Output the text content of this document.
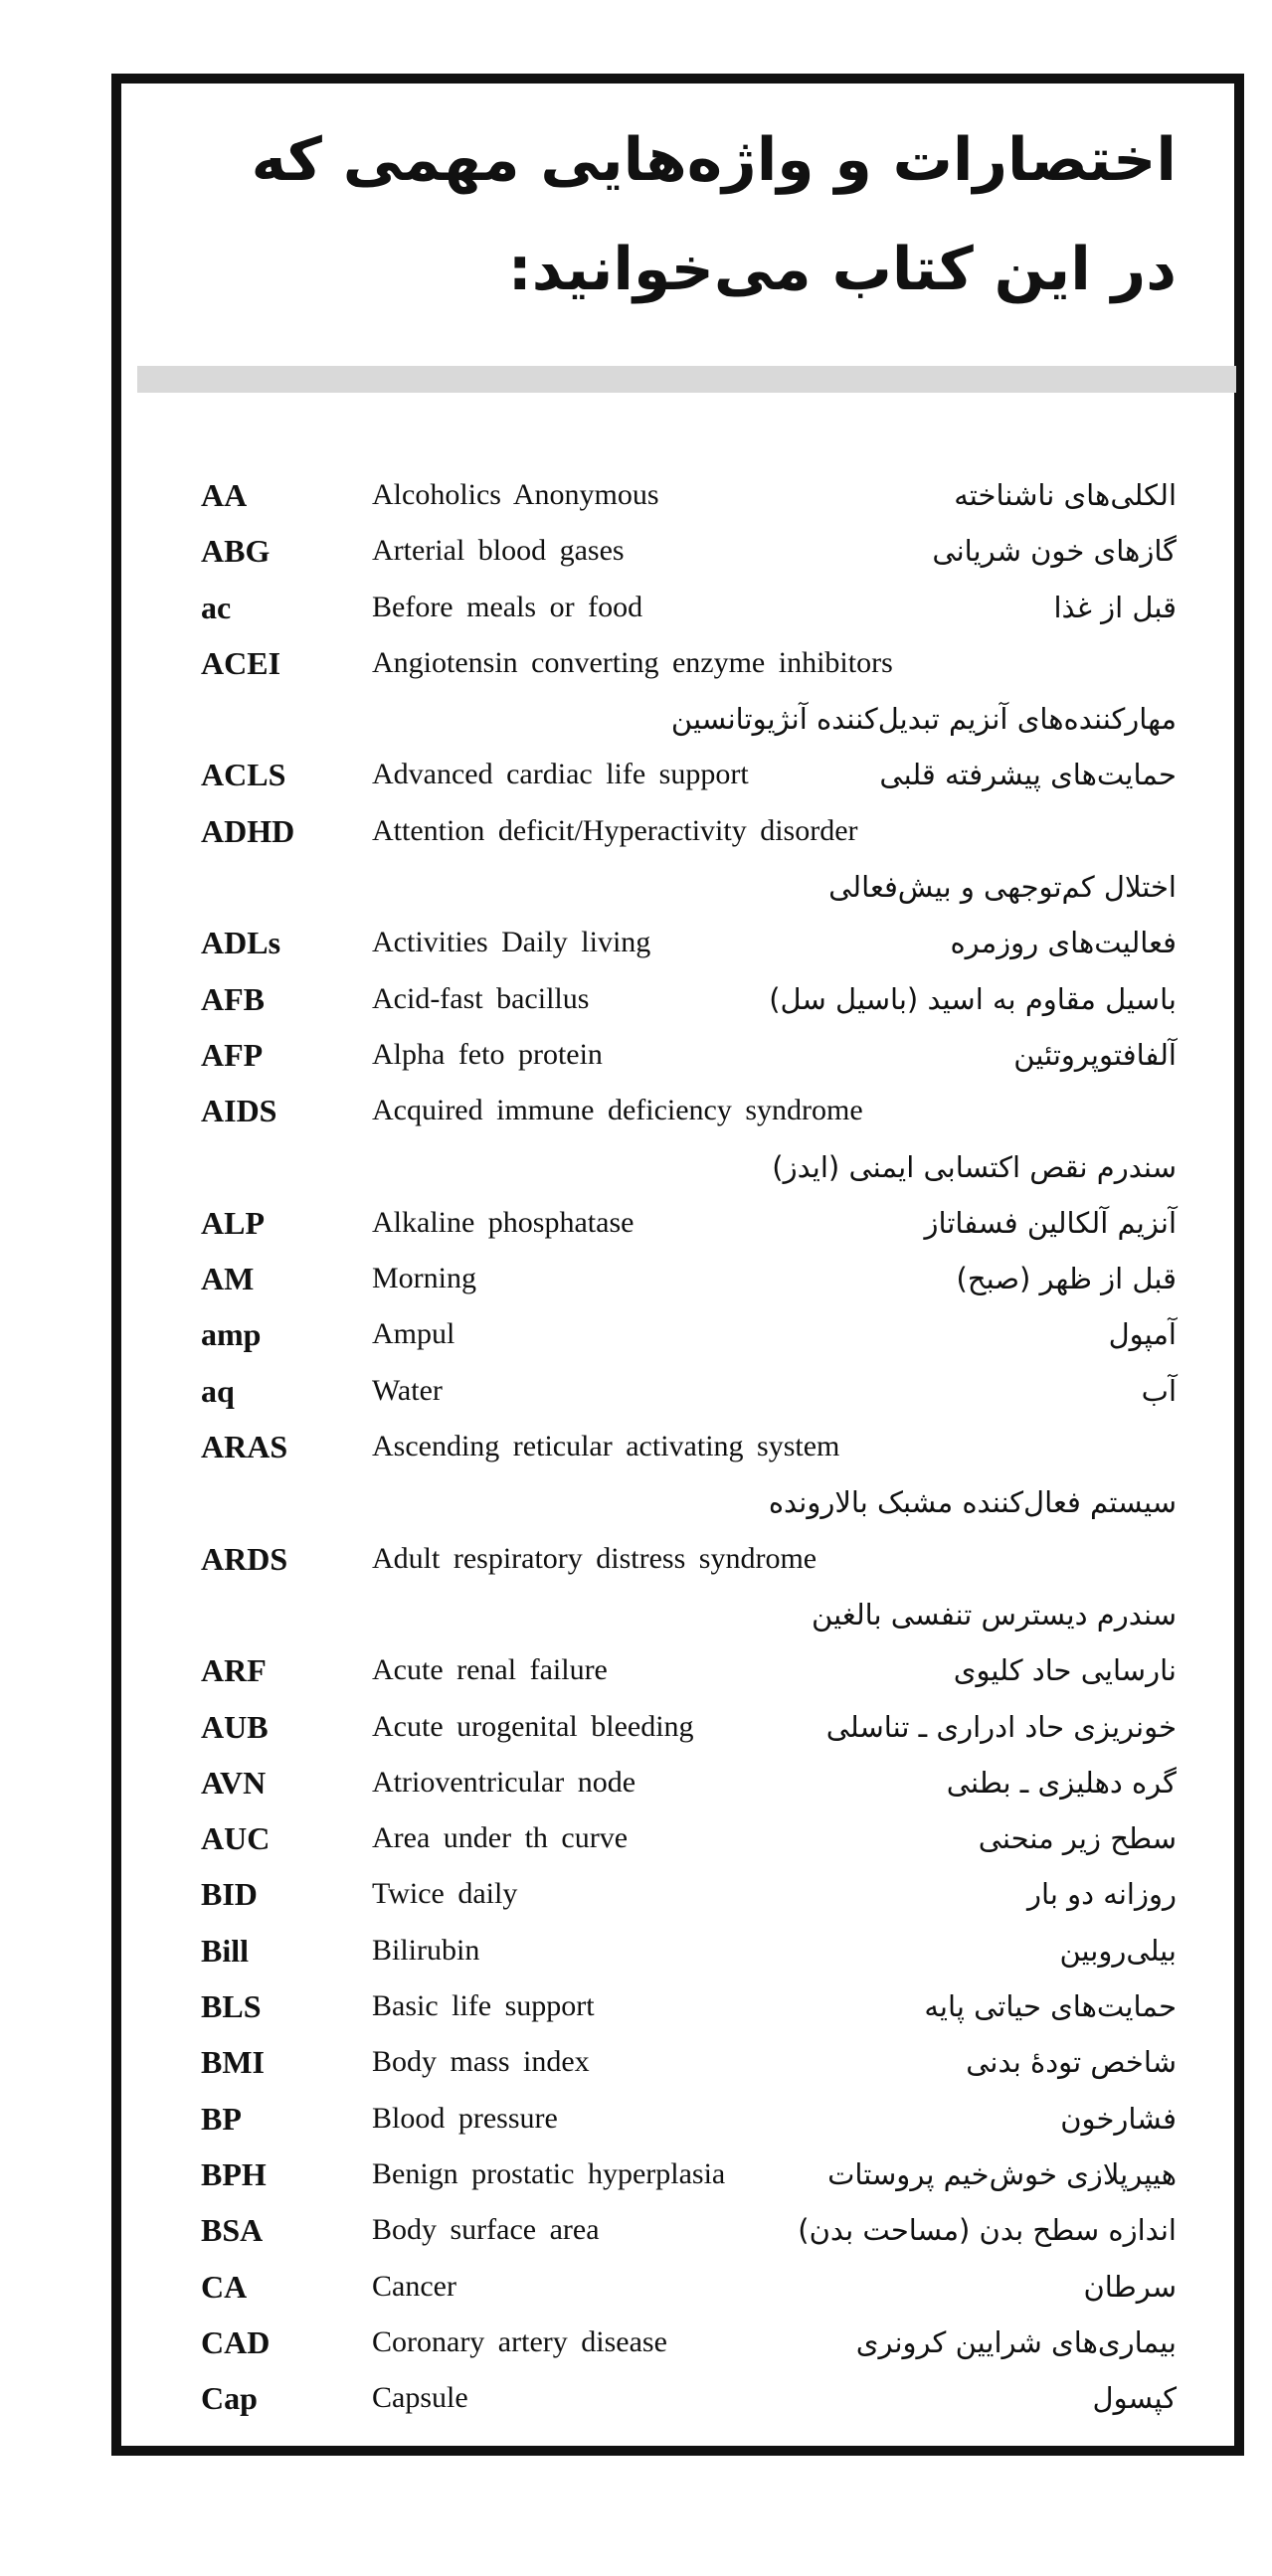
اختصارات و واژه‌هایی مهمی که
در این کتاب می‌خوانید:
AA	Alcoholics Anonymous	الکلی‌های ناشناخته
ABG	Arterial blood gases	گازهای خون شریانی
ac	Before meals or food	قبل از غذا
ACEI	Angiotensin converting enzyme inhibitors
مهارکننده‌های آنزیم تبدیل‌کننده آنژیوتانسین
ACLS	Advanced cardiac life support	حمایت‌های پیشرفته قلبی
ADHD	Attention deficit/Hyperactivity disorder
اختلال کم‌توجهی و بیش‌فعالی
ADLs	Activities Daily living	فعالیت‌های روزمره
AFB	Acid-fast bacillus	باسیل مقاوم به اسید (باسیل سل)
AFP	Alpha feto protein	آلفافتوپروتئین
AIDS	Acquired immune deficiency syndrome
سندرم نقص اکتسابی ایمنی (ایدز)
ALP	Alkaline phosphatase	آنزیم آلکالین فسفاتاز
AM	Morning	قبل از ظهر (صبح)
amp	Ampul	آمپول
aq	Water	آب
ARAS	Ascending reticular activating system
سیستم فعال‌کننده مشبک بالارونده
ARDS	Adult respiratory distress syndrome
سندرم دیسترس تنفسی بالغین
ARF	Acute renal failure	نارسایی حاد کلیوی
AUB	Acute urogenital bleeding	خونریزی حاد ادراری ـ تناسلی
AVN	Atrioventricular node	گره دهلیزی ـ بطنی
AUC	Area under th curve	سطح زیر منحنی
BID	Twice daily	روزانه دو بار
Bill	Bilirubin	بیلی‌روبین
BLS	Basic life support	حمایت‌های حیاتی پایه
BMI	Body mass index	شاخص تودهٔ بدنی
BP	Blood pressure	فشارخون
BPH	Benign prostatic hyperplasia	هیپرپلازی خوش‌خیم پروستات
BSA	Body surface area	اندازه سطح بدن (مساحت بدن)
CA	Cancer	سرطان
CAD	Coronary artery disease	بیماری‌های شرایین کرونری
Cap	Capsule	کپسول
